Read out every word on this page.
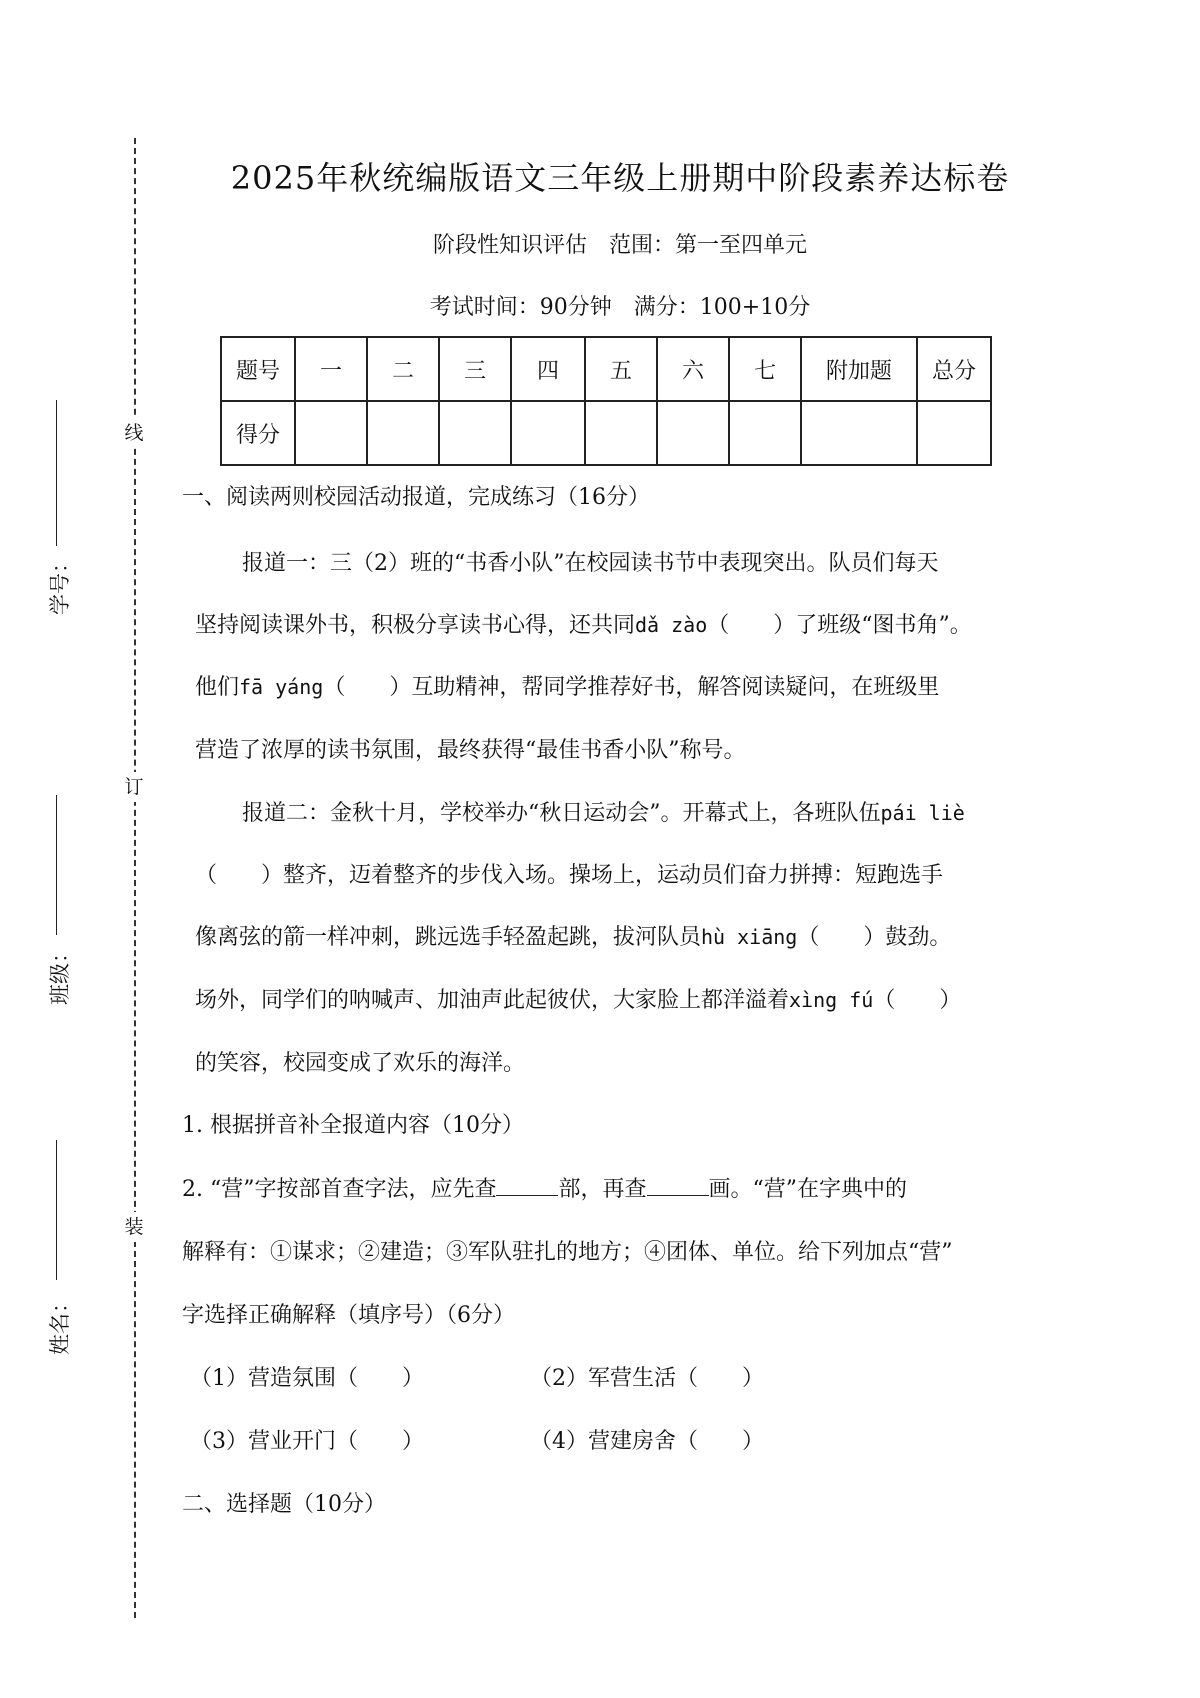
线
订
装
学号：
班级：
姓名：
2025年秋统编版语文三年级上册期中阶段素养达标卷
阶段性知识评估　范围：第一至四单元
考试时间：90分钟　满分：100+10分
题号	一	二	三	四	五	六	七	附加题	总分
得分									
一、阅读两则校园活动报道，完成练习（16分）
报道一：三（2）班的“书香小队”在校园读书节中表现突出。队员们每天
坚持阅读课外书，积极分享读书心得，还共同dǎ zào（　　）了班级“图书角”。
他们fā yáng（　　）互助精神，帮同学推荐好书，解答阅读疑问，在班级里
营造了浓厚的读书氛围，最终获得“最佳书香小队”称号。
报道二：金秋十月，学校举办“秋日运动会”。开幕式上，各班队伍pái liè
（　　）整齐，迈着整齐的步伐入场。操场上，运动员们奋力拼搏：短跑选手
像离弦的箭一样冲刺，跳远选手轻盈起跳，拔河队员hù xiāng（　　）鼓劲。
场外，同学们的呐喊声、加油声此起彼伏，大家脸上都洋溢着xìng fú（　　）
的笑容，校园变成了欢乐的海洋。
1. 根据拼音补全报道内容（10分）
2. “营”字按部首查字法，应先查	部，再查	画。“营”在字典中的
解释有：①谋求；②建造；③军队驻扎的地方；④团体、单位。给下列加点“营”
字选择正确解释（填序号）（6分）
（1）营造氛围（　　）	（2）军营生活（　　）
（3）营业开门（　　）	（4）营建房舍（　　）
二、选择题（10分）
